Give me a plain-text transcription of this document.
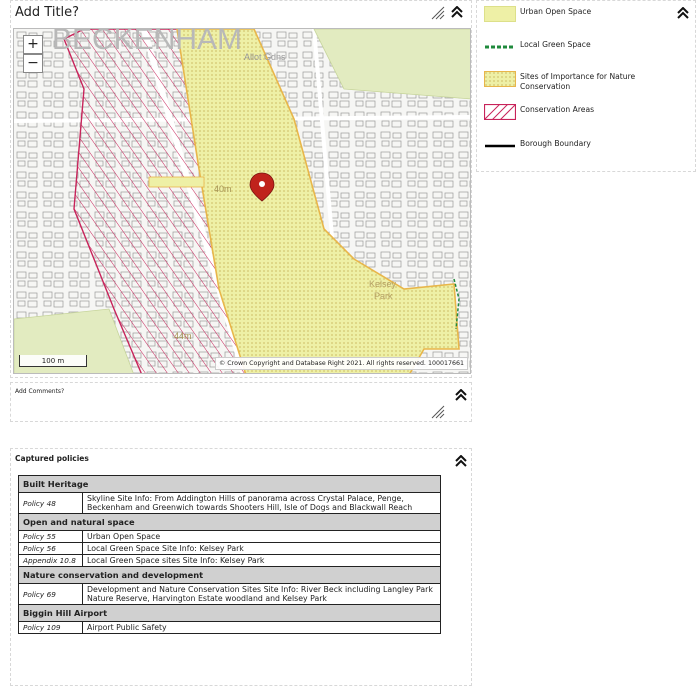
Add Title?
BECKENHAM
Allot Gdns
Kelsey
Park
40m
44m
+
−
100 m	© Crown Copyright and Database Right 2021. All rights reserved. 100017661
Add Comments?
Urban Open Space
Local Green Space
Sites of Importance for Nature Conservation
Conservation Areas
Borough Boundary
Captured policies
Built Heritage	
Policy 48	Skyline Site Info: From Addington Hills of panorama across Crystal Palace, Penge, Beckenham and Greenwich towards Shooters Hill, Isle of Dogs and Blackwall Reach
Open and natural space	
Policy 55	Urban Open Space
Policy 56	Local Green Space Site Info: Kelsey Park
Appendix 10.8	Local Green Space sites Site Info: Kelsey Park
Nature conservation and development	
Policy 69	Development and Nature Conservation Sites Site Info: River Beck including Langley Park Nature Reserve, Harvington Estate woodland and Kelsey Park
Biggin Hill Airport	
Policy 109	Airport Public Safety
